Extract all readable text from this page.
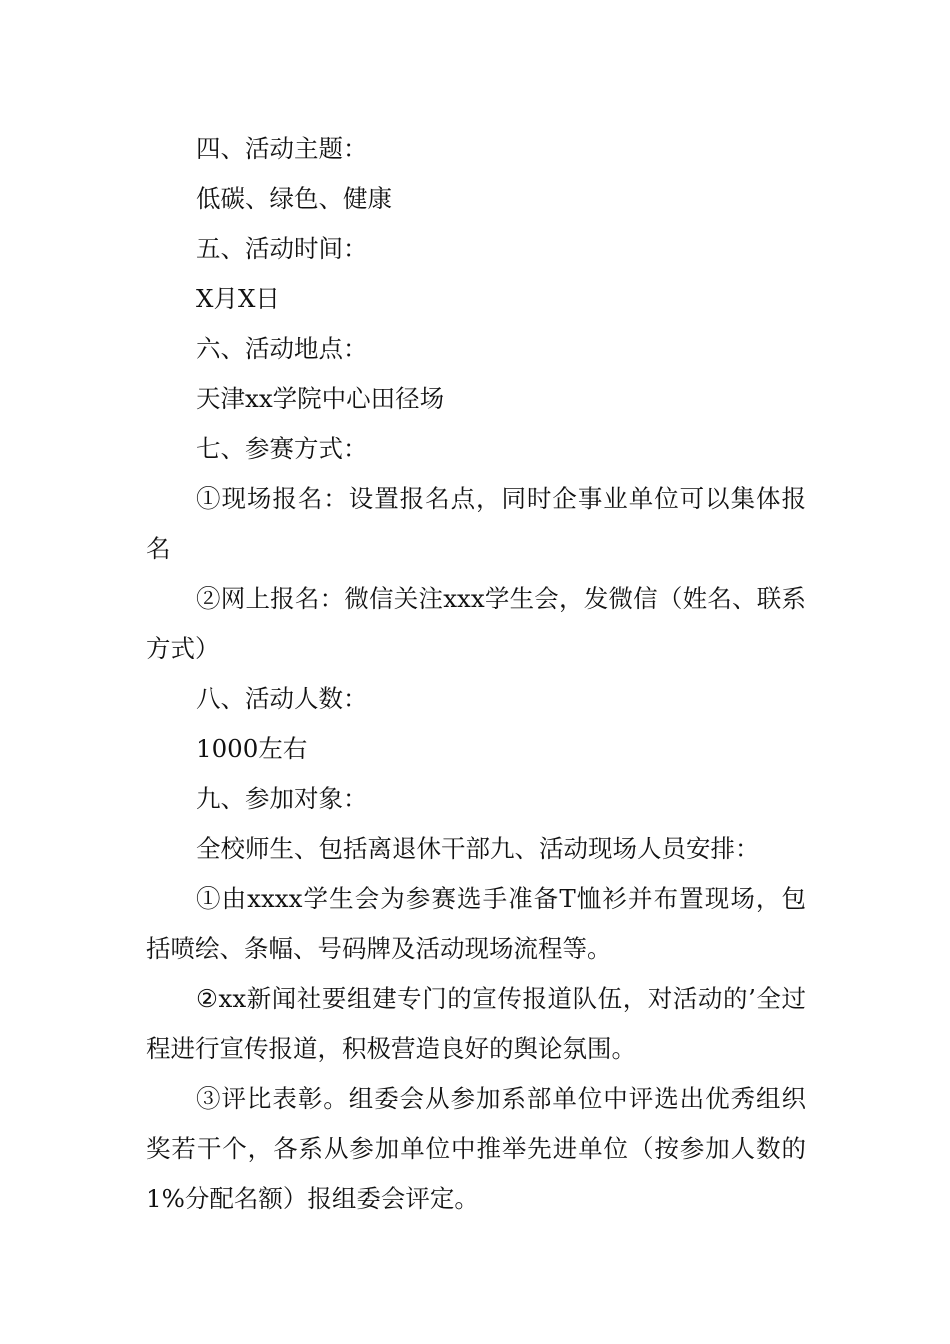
四、活动主题：

低碳、绿色、健康

五、活动时间：

X月X日

六、活动地点：

天津xx学院中心田径场

七、参赛方式：

①现场报名：设置报名点，同时企事业单位可以集体报名

②网上报名：微信关注xxx学生会，发微信（姓名、联系方式）

八、活动人数：

1000左右

九、参加对象：

全校师生、包括离退休干部九、活动现场人员安排：

①由xxxx学生会为参赛选手准备T恤衫并布置现场，包括喷绘、条幅、号码牌及活动现场流程等。

②xx新闻社要组建专门的宣传报道队伍，对活动的’全过程进行宣传报道，积极营造良好的舆论氛围。

③评比表彰。组委会从参加系部单位中评选出优秀组织奖若干个，各系从参加单位中推举先进单位（按参加人数的1%分配名额）报组委会评定。
